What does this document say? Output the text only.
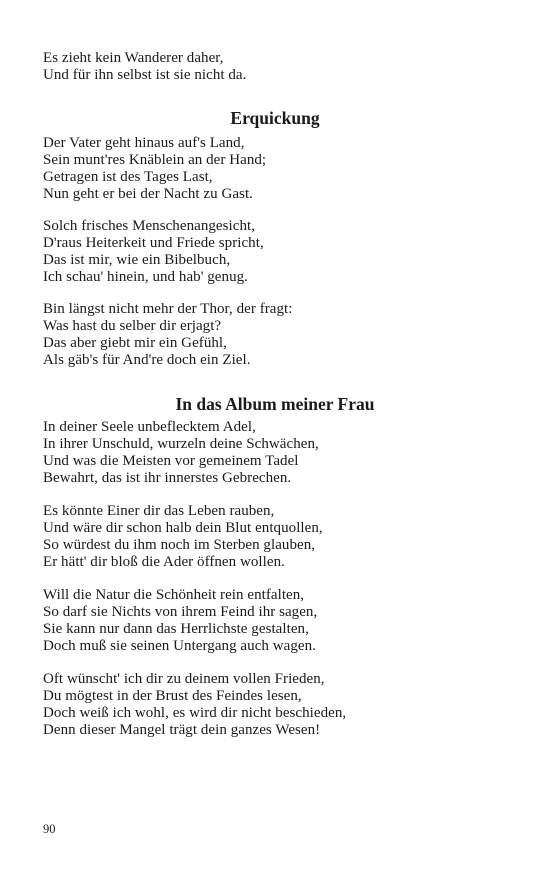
Es zieht kein Wanderer daher,
Und für ihn selbst ist sie nicht da.
Erquickung
Der Vater geht hinaus auf's Land,
Sein munt'res Knäblein an der Hand;
Getragen ist des Tages Last,
Nun geht er bei der Nacht zu Gast.
Solch frisches Menschenangesicht,
D'raus Heiterkeit und Friede spricht,
Das ist mir, wie ein Bibelbuch,
Ich schau' hinein, und hab' genug.
Bin längst nicht mehr der Thor, der fragt:
Was hast du selber dir erjagt?
Das aber giebt mir ein Gefühl,
Als gäb's für And're doch ein Ziel.
In das Album meiner Frau
In deiner Seele unbeflecktem Adel,
In ihrer Unschuld, wurzeln deine Schwächen,
Und was die Meisten vor gemeinem Tadel
Bewahrt, das ist ihr innerstes Gebrechen.
Es könnte Einer dir das Leben rauben,
Und wäre dir schon halb dein Blut entquollen,
So würdest du ihm noch im Sterben glauben,
Er hätt' dir bloß die Ader öffnen wollen.
Will die Natur die Schönheit rein entfalten,
So darf sie Nichts von ihrem Feind ihr sagen,
Sie kann nur dann das Herrlichste gestalten,
Doch muß sie seinen Untergang auch wagen.
Oft wünscht' ich dir zu deinem vollen Frieden,
Du mögtest in der Brust des Feindes lesen,
Doch weiß ich wohl, es wird dir nicht beschieden,
Denn dieser Mangel trägt dein ganzes Wesen!
90
